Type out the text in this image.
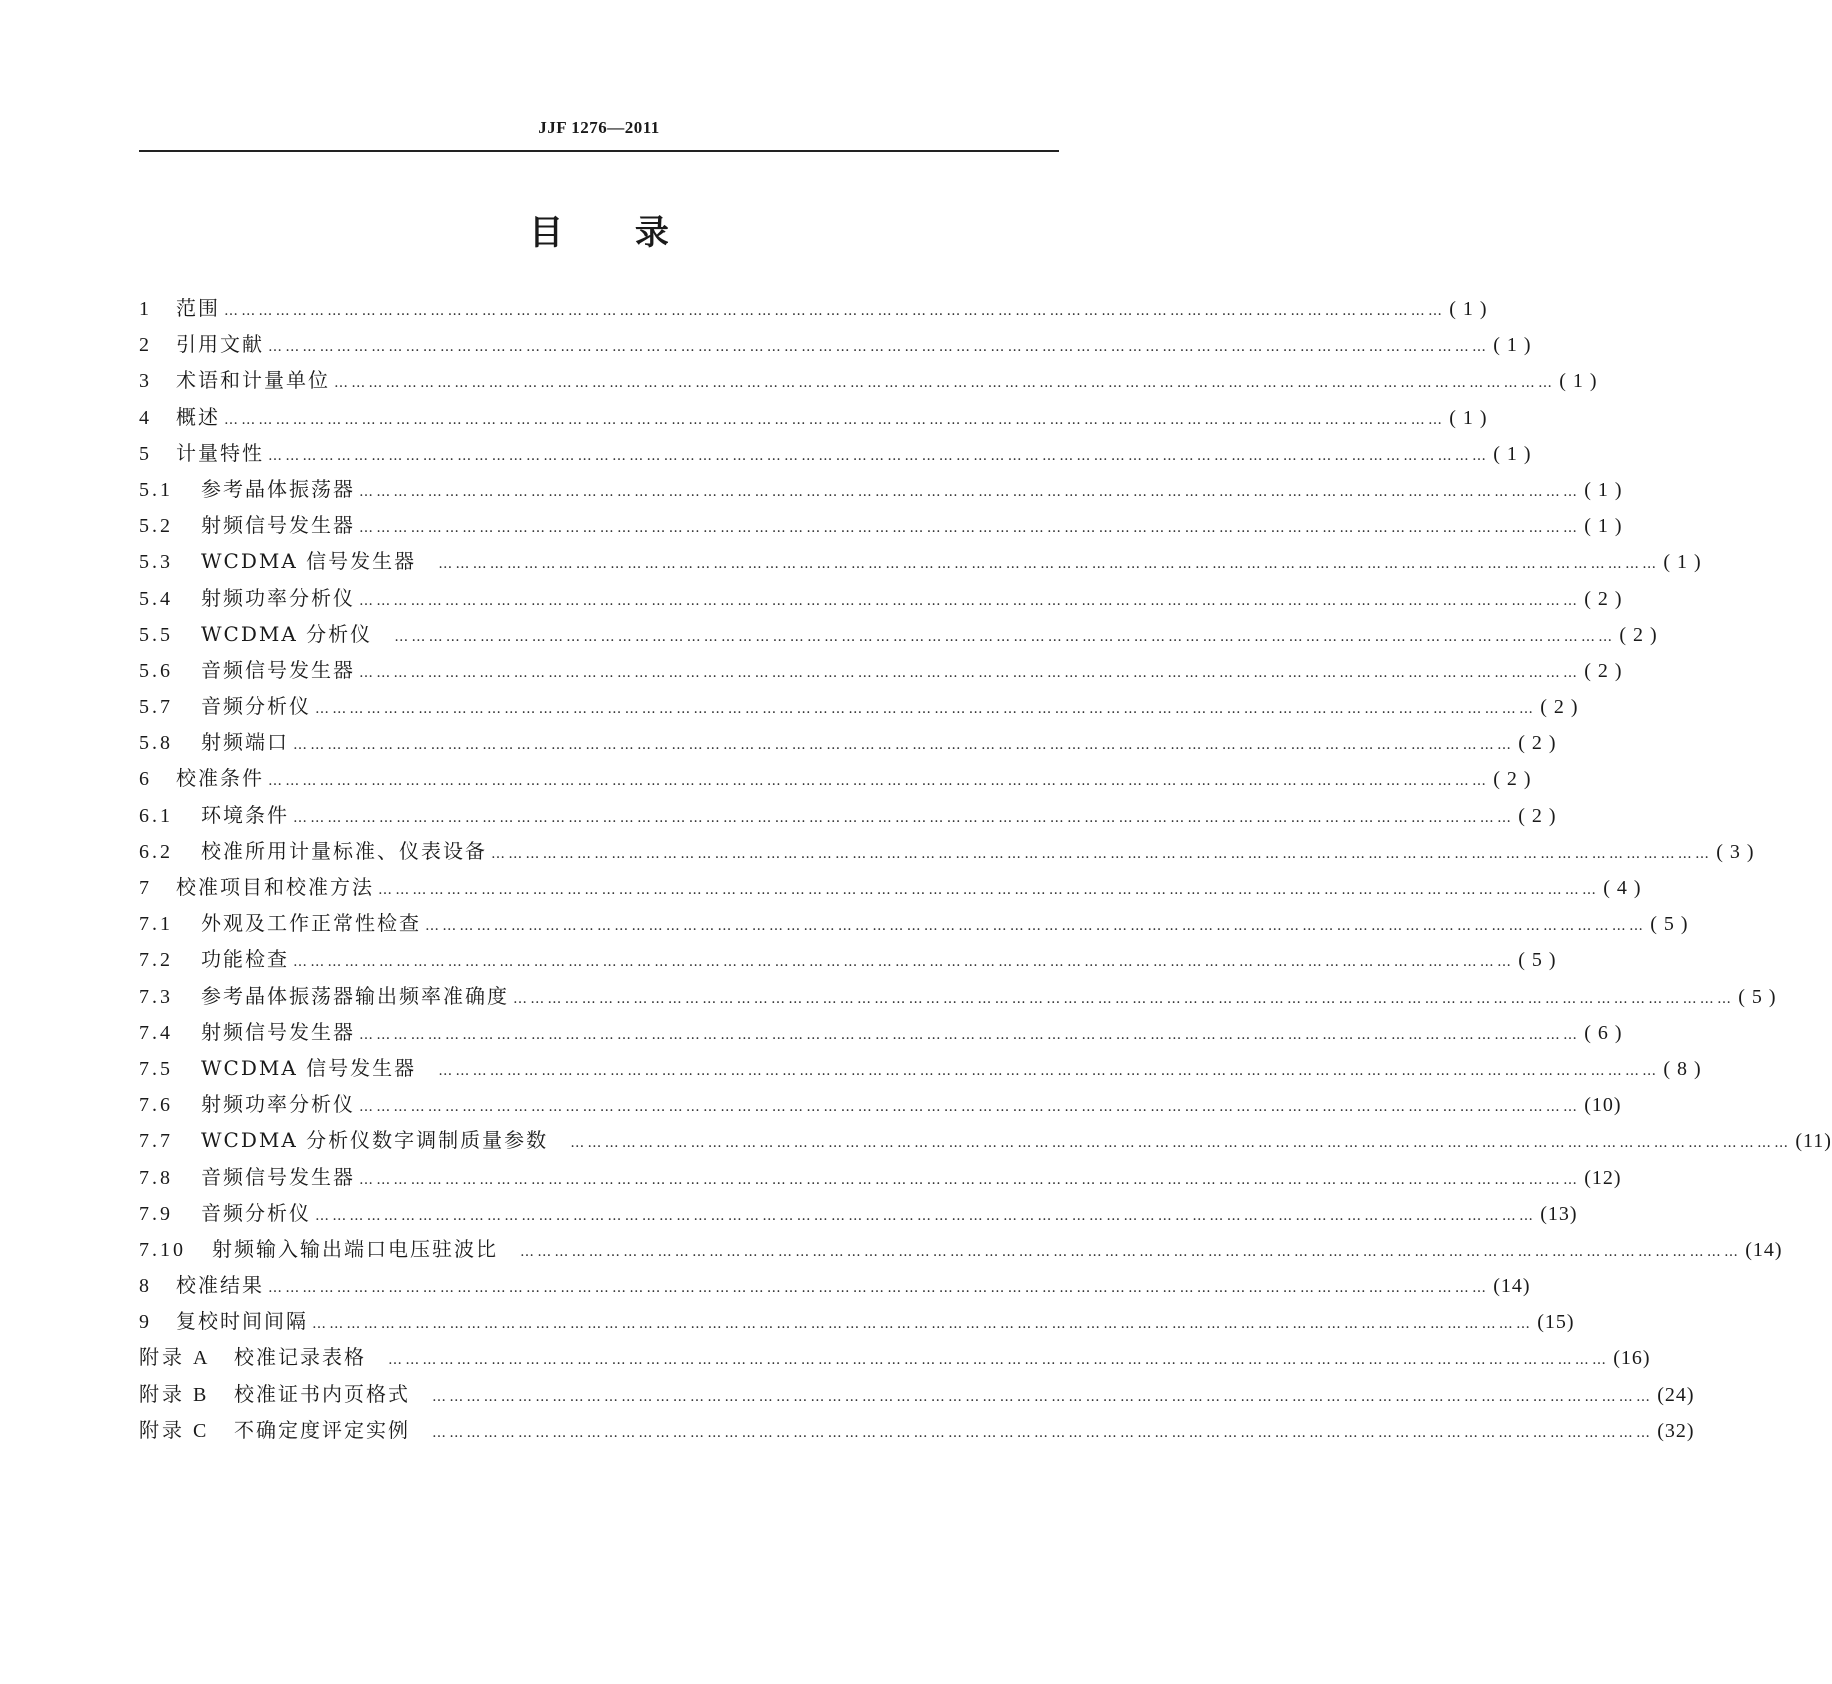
JJF 1276—2011
目 录
1	范围 …………………………………………………………………………………………………………………………………………………………………………………………… ( 1 )
2	引用文献 …………………………………………………………………………………………………………………………………………………………………………………………… ( 1 )
3	术语和计量单位 …………………………………………………………………………………………………………………………………………………………………………………………… ( 1 )
4	概述 …………………………………………………………………………………………………………………………………………………………………………………………… ( 1 )
5	计量特性 …………………………………………………………………………………………………………………………………………………………………………………………… ( 1 )
5.1	参考晶体振荡器 …………………………………………………………………………………………………………………………………………………………………………………………… ( 1 )
5.2	射频信号发生器 …………………………………………………………………………………………………………………………………………………………………………………………… ( 1 )
5.3	WCDMA 信号发生器	…………………………………………………………………………………………………………………………………………………………………………………………… ( 1 )
5.4	射频功率分析仪 …………………………………………………………………………………………………………………………………………………………………………………………… ( 2 )
5.5	WCDMA 分析仪	…………………………………………………………………………………………………………………………………………………………………………………………… ( 2 )
5.6	音频信号发生器 …………………………………………………………………………………………………………………………………………………………………………………………… ( 2 )
5.7	音频分析仪 …………………………………………………………………………………………………………………………………………………………………………………………… ( 2 )
5.8	射频端口 …………………………………………………………………………………………………………………………………………………………………………………………… ( 2 )
6	校准条件 …………………………………………………………………………………………………………………………………………………………………………………………… ( 2 )
6.1	环境条件 …………………………………………………………………………………………………………………………………………………………………………………………… ( 2 )
6.2	校准所用计量标准、仪表设备 …………………………………………………………………………………………………………………………………………………………………………………………… ( 3 )
7	校准项目和校准方法 …………………………………………………………………………………………………………………………………………………………………………………………… ( 4 )
7.1	外观及工作正常性检查 …………………………………………………………………………………………………………………………………………………………………………………………… ( 5 )
7.2	功能检查 …………………………………………………………………………………………………………………………………………………………………………………………… ( 5 )
7.3	参考晶体振荡器输出频率准确度 …………………………………………………………………………………………………………………………………………………………………………………………… ( 5 )
7.4	射频信号发生器 …………………………………………………………………………………………………………………………………………………………………………………………… ( 6 )
7.5	WCDMA 信号发生器	…………………………………………………………………………………………………………………………………………………………………………………………… ( 8 )
7.6	射频功率分析仪 …………………………………………………………………………………………………………………………………………………………………………………………… (10)
7.7	WCDMA 分析仪数字调制质量参数	…………………………………………………………………………………………………………………………………………………………………………………………… (11)
7.8	音频信号发生器 …………………………………………………………………………………………………………………………………………………………………………………………… (12)
7.9	音频分析仪 …………………………………………………………………………………………………………………………………………………………………………………………… (13)
7.10	射频输入输出端口电压驻波比	…………………………………………………………………………………………………………………………………………………………………………………………… (14)
8	校准结果 …………………………………………………………………………………………………………………………………………………………………………………………… (14)
9	复校时间间隔 …………………………………………………………………………………………………………………………………………………………………………………………… (15)
附录 A	校准记录表格	…………………………………………………………………………………………………………………………………………………………………………………………… (16)
附录 B	校准证书内页格式	…………………………………………………………………………………………………………………………………………………………………………………………… (24)
附录 C	不确定度评定实例	…………………………………………………………………………………………………………………………………………………………………………………………… (32)
